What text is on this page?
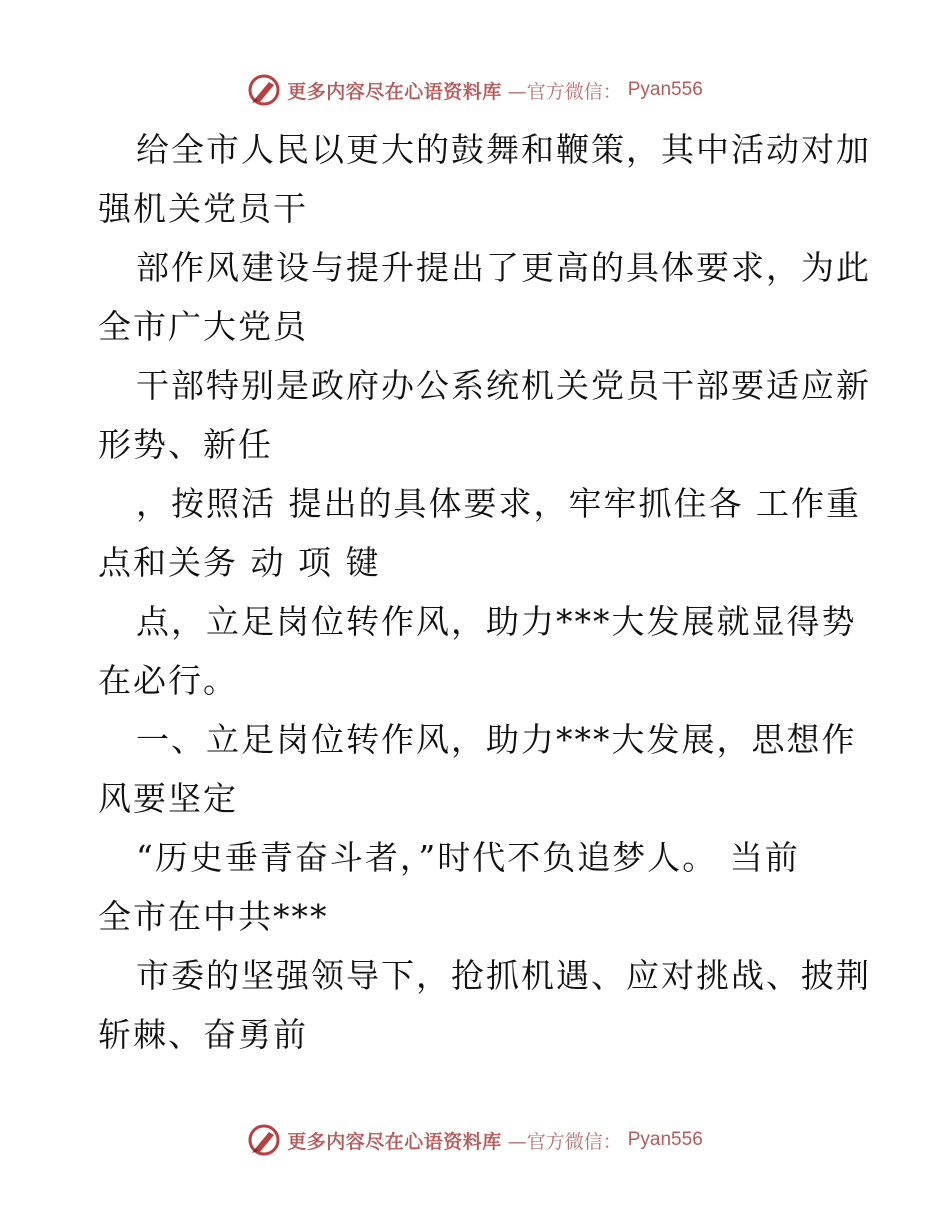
更多内容尽在心语资料库 —官方微信： Pyan556
给全市人民以更大的鼓舞和鞭策，其中活动对加
强机关党员干
部作风建设与提升提出了更高的具体要求，为此
全市广大党员
干部特别是政府办公系统机关党员干部要适应新
形势、新任
，按照活 提出的具体要求，牢牢抓住各 工作重
点和关务 动 项 键
点，立足岗位转作风，助力***大发展就显得势
在必行。
一、立足岗位转作风，助力***大发展，思想作
风要坚定
“历史垂青奋斗者，”时代不负追梦人。 当前
全市在中共***
市委的坚强领导下，抢抓机遇、应对挑战、披荆
斩棘、奋勇前
更多内容尽在心语资料库 —官方微信： Pyan556
